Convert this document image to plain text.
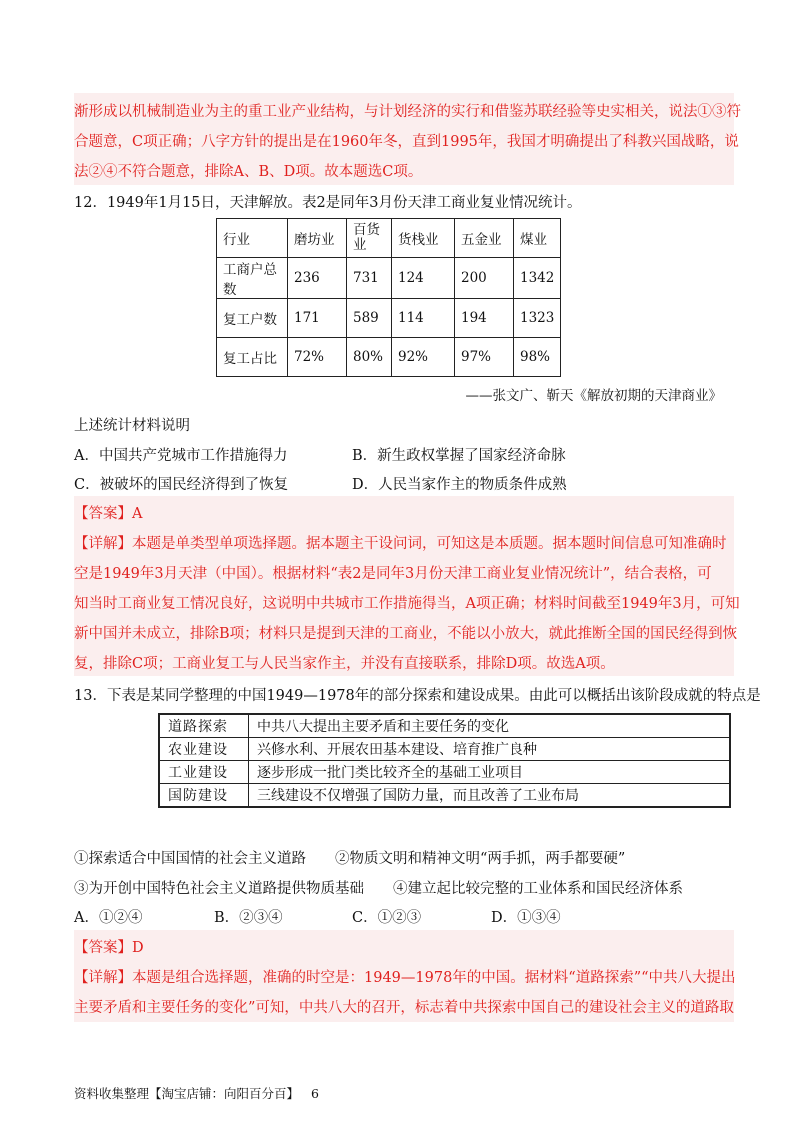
渐形成以机械制造业为主的重工业产业结构，与计划经济的实行和借鉴苏联经验等史实相关，说法①③符
合题意，C项正确；八字方针的提出是在1960年冬，直到1995年，我国才明确提出了科教兴国战略，说
法②④不符合题意，排除A、B、D项。故本题选C项。
12．1949年1月15日，天津解放。表2是同年3月份天津工商业复业情况统计。
行业	磨坊业	百货业	货栈业	五金业	煤业
工商户总数	236	731	124	200	1342
复工户数	171	589	114	194	1323
复工占比	72%	80%	92%	97%	98%
——张文广、靳天《解放初期的天津商业》
上述统计材料说明
A．中国共产党城市工作措施得力	B．新生政权掌握了国家经济命脉
C．被破坏的国民经济得到了恢复	D．人民当家作主的物质条件成熟
【答案】A
【详解】本题是单类型单项选择题。据本题主干设问词，可知这是本质题。据本题时间信息可知准确时
空是1949年3月天津（中国）。根据材料“表2是同年3月份天津工商业复业情况统计”，结合表格，可
知当时工商业复工情况良好，这说明中共城市工作措施得当，A项正确；材料时间截至1949年3月，可知
新中国并未成立，排除B项；材料只是提到天津的工商业，不能以小放大，就此推断全国的国民经得到恢
复，排除C项；工商业复工与人民当家作主，并没有直接联系，排除D项。故选A项。
13．下表是某同学整理的中国1949—1978年的部分探索和建设成果。由此可以概括出该阶段成就的特点是
道路探索	中共八大提出主要矛盾和主要任务的变化
农业建设	兴修水利、开展农田基本建设、培育推广良种
工业建设	逐步形成一批门类比较齐全的基础工业项目
国防建设	三线建设不仅增强了国防力量，而且改善了工业布局
①探索适合中国国情的社会主义道路　　②物质文明和精神文明“两手抓，两手都要硬”
③为开创中国特色社会主义道路提供物质基础　　④建立起比较完整的工业体系和国民经济体系
A．①②④	B．②③④	C．①②③	D．①③④
【答案】D
【详解】本题是组合选择题，准确的时空是：1949—1978年的中国。据材料“道路探索”“中共八大提出
主要矛盾和主要任务的变化”可知，中共八大的召开，标志着中共探索中国自己的建设社会主义的道路取
资料收集整理【淘宝店铺：向阳百分百】 6
